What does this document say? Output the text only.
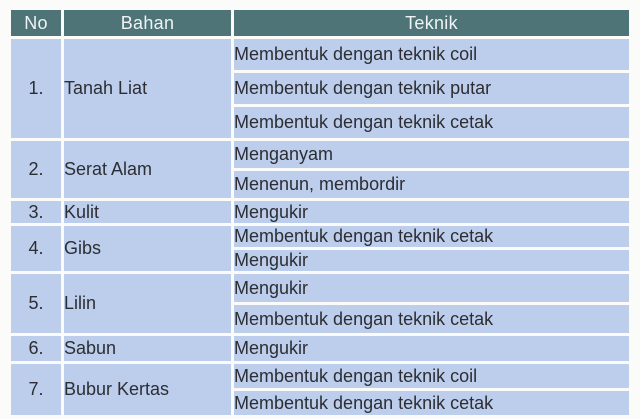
No	Bahan	Teknik
1.	Tanah Liat	Membentuk dengan teknik coil
		Membentuk dengan teknik putar
		Membentuk dengan teknik cetak
2.	Serat Alam	Menganyam
		Menenun, membordir
3.	Kulit	Mengukir
4.	Gibs	Membentuk dengan teknik cetak
		Mengukir
5.	Lilin	Mengukir
		Membentuk dengan teknik cetak
6.	Sabun	Mengukir
7.	Bubur Kertas	Membentuk dengan teknik coil
		Membentuk dengan teknik cetak
